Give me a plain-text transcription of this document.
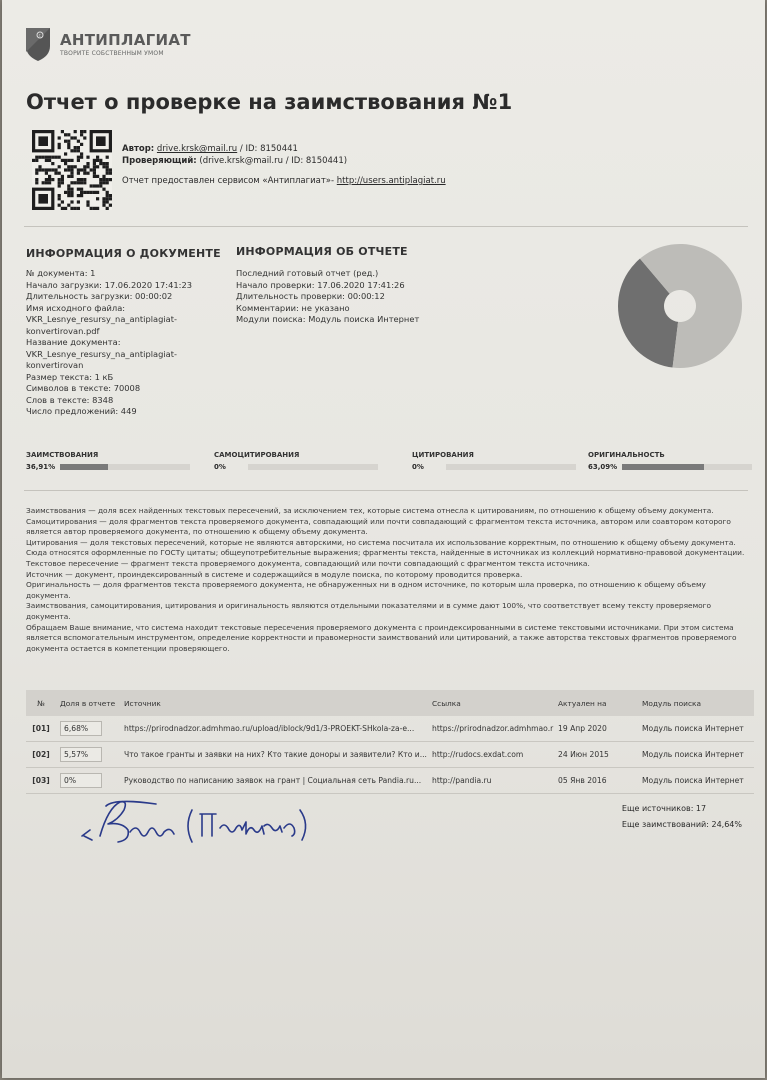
c АНТИПЛАГИАТ
ТВОРИТЕ СОБСТВЕННЫМ УМОМ
Отчет о проверке на заимствования №1
Автор: drive.krsk@mail.ru / ID: 8150441
Проверяющий: (drive.krsk@mail.ru / ID: 8150441)
Отчет предоставлен сервисом «Антиплагиат»- http://users.antiplagiat.ru
ИНФОРМАЦИЯ О ДОКУМЕНТЕ
№ документа: 1
Начало загрузки: 17.06.2020 17:41:23
Длительность загрузки: 00:00:02
Имя исходного файла:
VKR_Lesnye_resursy_na_antiplagiat-
konvertirovan.pdf
Название документа:
VKR_Lesnye_resursy_na_antiplagiat-
konvertirovan
Размер текста: 1 кБ
Символов в тексте: 70008
Слов в тексте: 8348
Число предложений: 449
ИНФОРМАЦИЯ ОБ ОТЧЕТЕ
Последний готовый отчет (ред.)
Начало проверки: 17.06.2020 17:41:26
Длительность проверки: 00:00:12
Комментарии: не указано
Модули поиска: Модуль поиска Интернет
ЗАИМСТВОВАНИЯ
36,91%
САМОЦИТИРОВАНИЯ
0%
ЦИТИРОВАНИЯ
0%
ОРИГИНАЛЬНОСТЬ
63,09%

Заимствования — доля всех найденных текстовых пересечений, за исключением тех, которые система отнесла к цитированиям, по отношению к общему объему документа.

Самоцитирования — доля фрагментов текста проверяемого документа, совпадающий или почти совпадающий с фрагментом текста источника, автором или соавтором которого является автор проверяемого документа, по отношению к общему объему документа.

Цитирования — доля текстовых пересечений, которые не являются авторскими, но система посчитала их использование корректным, по отношению к общему объему документа. Сюда относятся оформленные по ГОСТу цитаты; общеупотребительные выражения; фрагменты текста, найденные в источниках из коллекций нормативно-правовой документации.

Текстовое пересечение — фрагмент текста проверяемого документа, совпадающий или почти совпадающий с фрагментом текста источника.

Источник — документ, проиндексированный в системе и содержащийся в модуле поиска, по которому проводится проверка.

Оригинальность — доля фрагментов текста проверяемого документа, не обнаруженных ни в одном источнике, по которым шла проверка, по отношению к общему объему документа.

Заимствования, самоцитирования, цитирования и оригинальность являются отдельными показателями и в сумме дают 100%, что соответствует всему тексту проверяемого документа.

Обращаем Ваше внимание, что система находит текстовые пересечения проверяемого документа с проиндексированными в системе текстовыми источниками. При этом система является вспомогательным инструментом, определение корректности и правомерности заимствований или цитирований, а также авторства текстовых фрагментов проверяемого документа остается в компетенции проверяющего.

№	Доля в отчете	Источник	Ссылка	Актуален на	Модуль поиска
[01]	6,68%	https://prirodnadzor.admhmao.ru/upload/iblock/9d1/3-PROEKT-SHkola-za-e...	https://prirodnadzor.admhmao.r	19 Апр 2020	Модуль поиска Интернет
[02]	5,57%	Что такое гранты и заявки на них? Кто такие доноры и заявители? Кто и...	http://rudocs.exdat.com	24 Июн 2015	Модуль поиска Интернет
[03]	0%	Руководство по написанию заявок на грант | Социальная сеть Pandia.ru...	http://pandia.ru	05 Янв 2016	Модуль поиска Интернет
Еще источников: 17
Еще заимствований: 24,64%
